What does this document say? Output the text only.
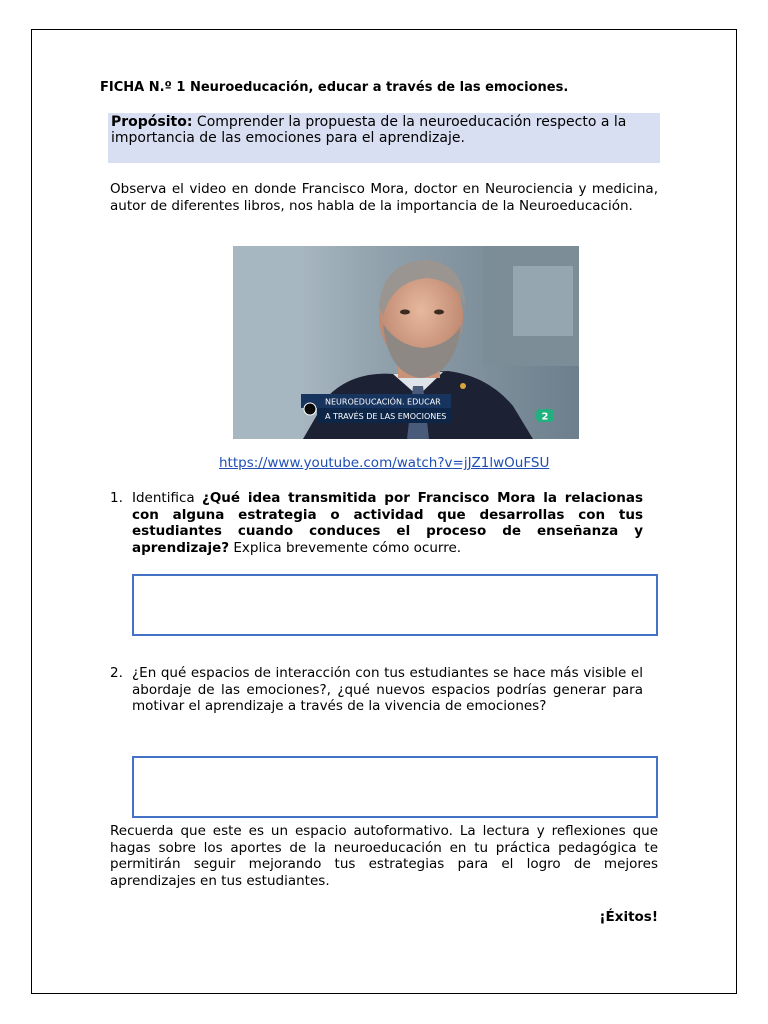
FICHA N.º 1 Neuroeducación, educar a través de las emociones.
Propósito: Comprender la propuesta de la neuroeducación respecto a la importancia de las emociones para el aprendizaje.
Observa el video en donde Francisco Mora, doctor en Neurociencia y medicina, autor de diferentes libros, nos habla de la importancia de la Neuroeducación.
NEUROEDUCACIÓN. EDUCAR
A TRAVÉS DE LAS EMOCIONES	2
https://www.youtube.com/watch?v=jJZ1lwOuFSU
1. Identifica ¿Qué idea transmitida por Francisco Mora la relacionas con alguna estrategia o actividad que desarrollas con tus estudiantes cuando conduces el proceso de enseñanza y aprendizaje? Explica brevemente cómo ocurre.
2. ¿En qué espacios de interacción con tus estudiantes se hace más visible el abordaje de las emociones?, ¿qué nuevos espacios podrías generar para motivar el aprendizaje a través de la vivencia de emociones?
Recuerda que este es un espacio autoformativo. La lectura y reflexiones que hagas sobre los aportes de la neuroeducación en tu práctica pedagógica te permitirán seguir mejorando tus estrategias para el logro de mejores aprendizajes en tus estudiantes.
¡Éxitos!
